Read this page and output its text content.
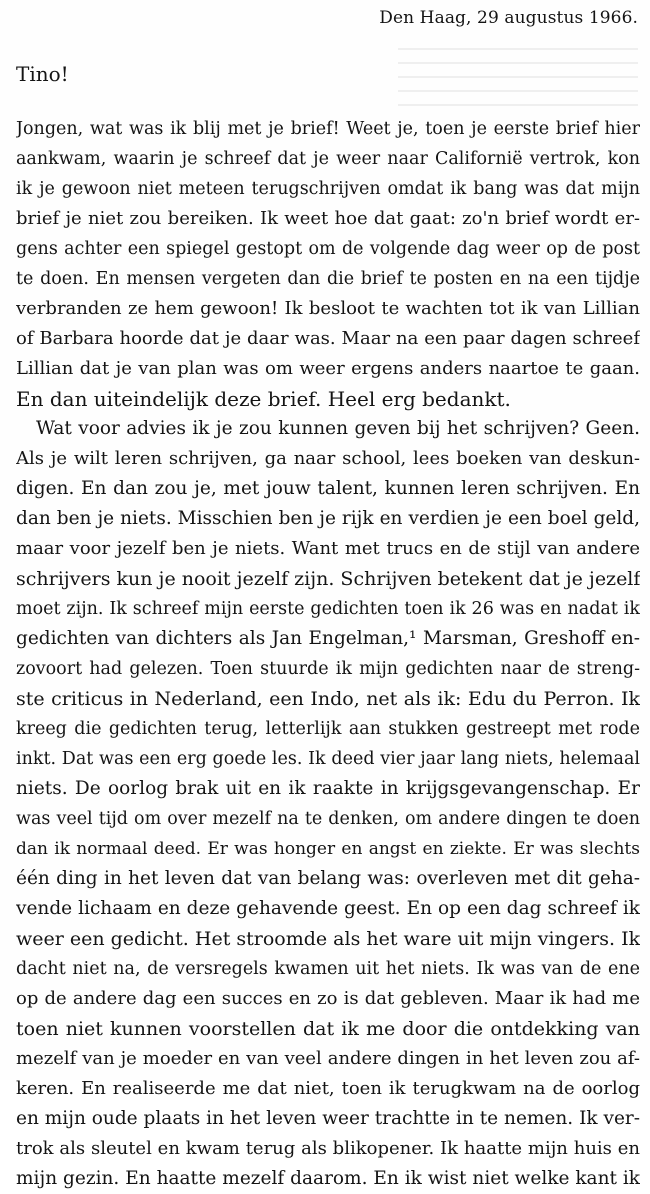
Den Haag, 29 augustus 1966.
Tino!
Jongen, wat was ik blij met je brief! Weet je, toen je eerste brief hier
aankwam, waarin je schreef dat je weer naar Californië vertrok, kon
ik je gewoon niet meteen terugschrijven omdat ik bang was dat mijn
brief je niet zou bereiken. Ik weet hoe dat gaat: zo'n brief wordt er-
gens achter een spiegel gestopt om de volgende dag weer op de post
te doen. En mensen vergeten dan die brief te posten en na een tijdje
verbranden ze hem gewoon! Ik besloot te wachten tot ik van Lillian
of Barbara hoorde dat je daar was. Maar na een paar dagen schreef
Lillian dat je van plan was om weer ergens anders naartoe te gaan.
En dan uiteindelijk deze brief. Heel erg bedankt.
Wat voor advies ik je zou kunnen geven bij het schrijven? Geen.
Als je wilt leren schrijven, ga naar school, lees boeken van deskun-
digen. En dan zou je, met jouw talent, kunnen leren schrijven. En
dan ben je niets. Misschien ben je rijk en verdien je een boel geld,
maar voor jezelf ben je niets. Want met trucs en de stijl van andere
schrijvers kun je nooit jezelf zijn. Schrijven betekent dat je jezelf
moet zijn. Ik schreef mijn eerste gedichten toen ik 26 was en nadat ik
gedichten van dichters als Jan Engelman,¹ Marsman, Greshoff en-
zovoort had gelezen. Toen stuurde ik mijn gedichten naar de streng-
ste criticus in Nederland, een Indo, net als ik: Edu du Perron. Ik
kreeg die gedichten terug, letterlijk aan stukken gestreept met rode
inkt. Dat was een erg goede les. Ik deed vier jaar lang niets, helemaal
niets. De oorlog brak uit en ik raakte in krijgsgevangenschap. Er
was veel tijd om over mezelf na te denken, om andere dingen te doen
dan ik normaal deed. Er was honger en angst en ziekte. Er was slechts
één ding in het leven dat van belang was: overleven met dit geha-
vende lichaam en deze gehavende geest. En op een dag schreef ik
weer een gedicht. Het stroomde als het ware uit mijn vingers. Ik
dacht niet na, de versregels kwamen uit het niets. Ik was van de ene
op de andere dag een succes en zo is dat gebleven. Maar ik had me
toen niet kunnen voorstellen dat ik me door die ontdekking van
mezelf van je moeder en van veel andere dingen in het leven zou af-
keren. En realiseerde me dat niet, toen ik terugkwam na de oorlog
en mijn oude plaats in het leven weer trachtte in te nemen. Ik ver-
trok als sleutel en kwam terug als blikopener. Ik haatte mijn huis en
mijn gezin. En haatte mezelf daarom. En ik wist niet welke kant ik
